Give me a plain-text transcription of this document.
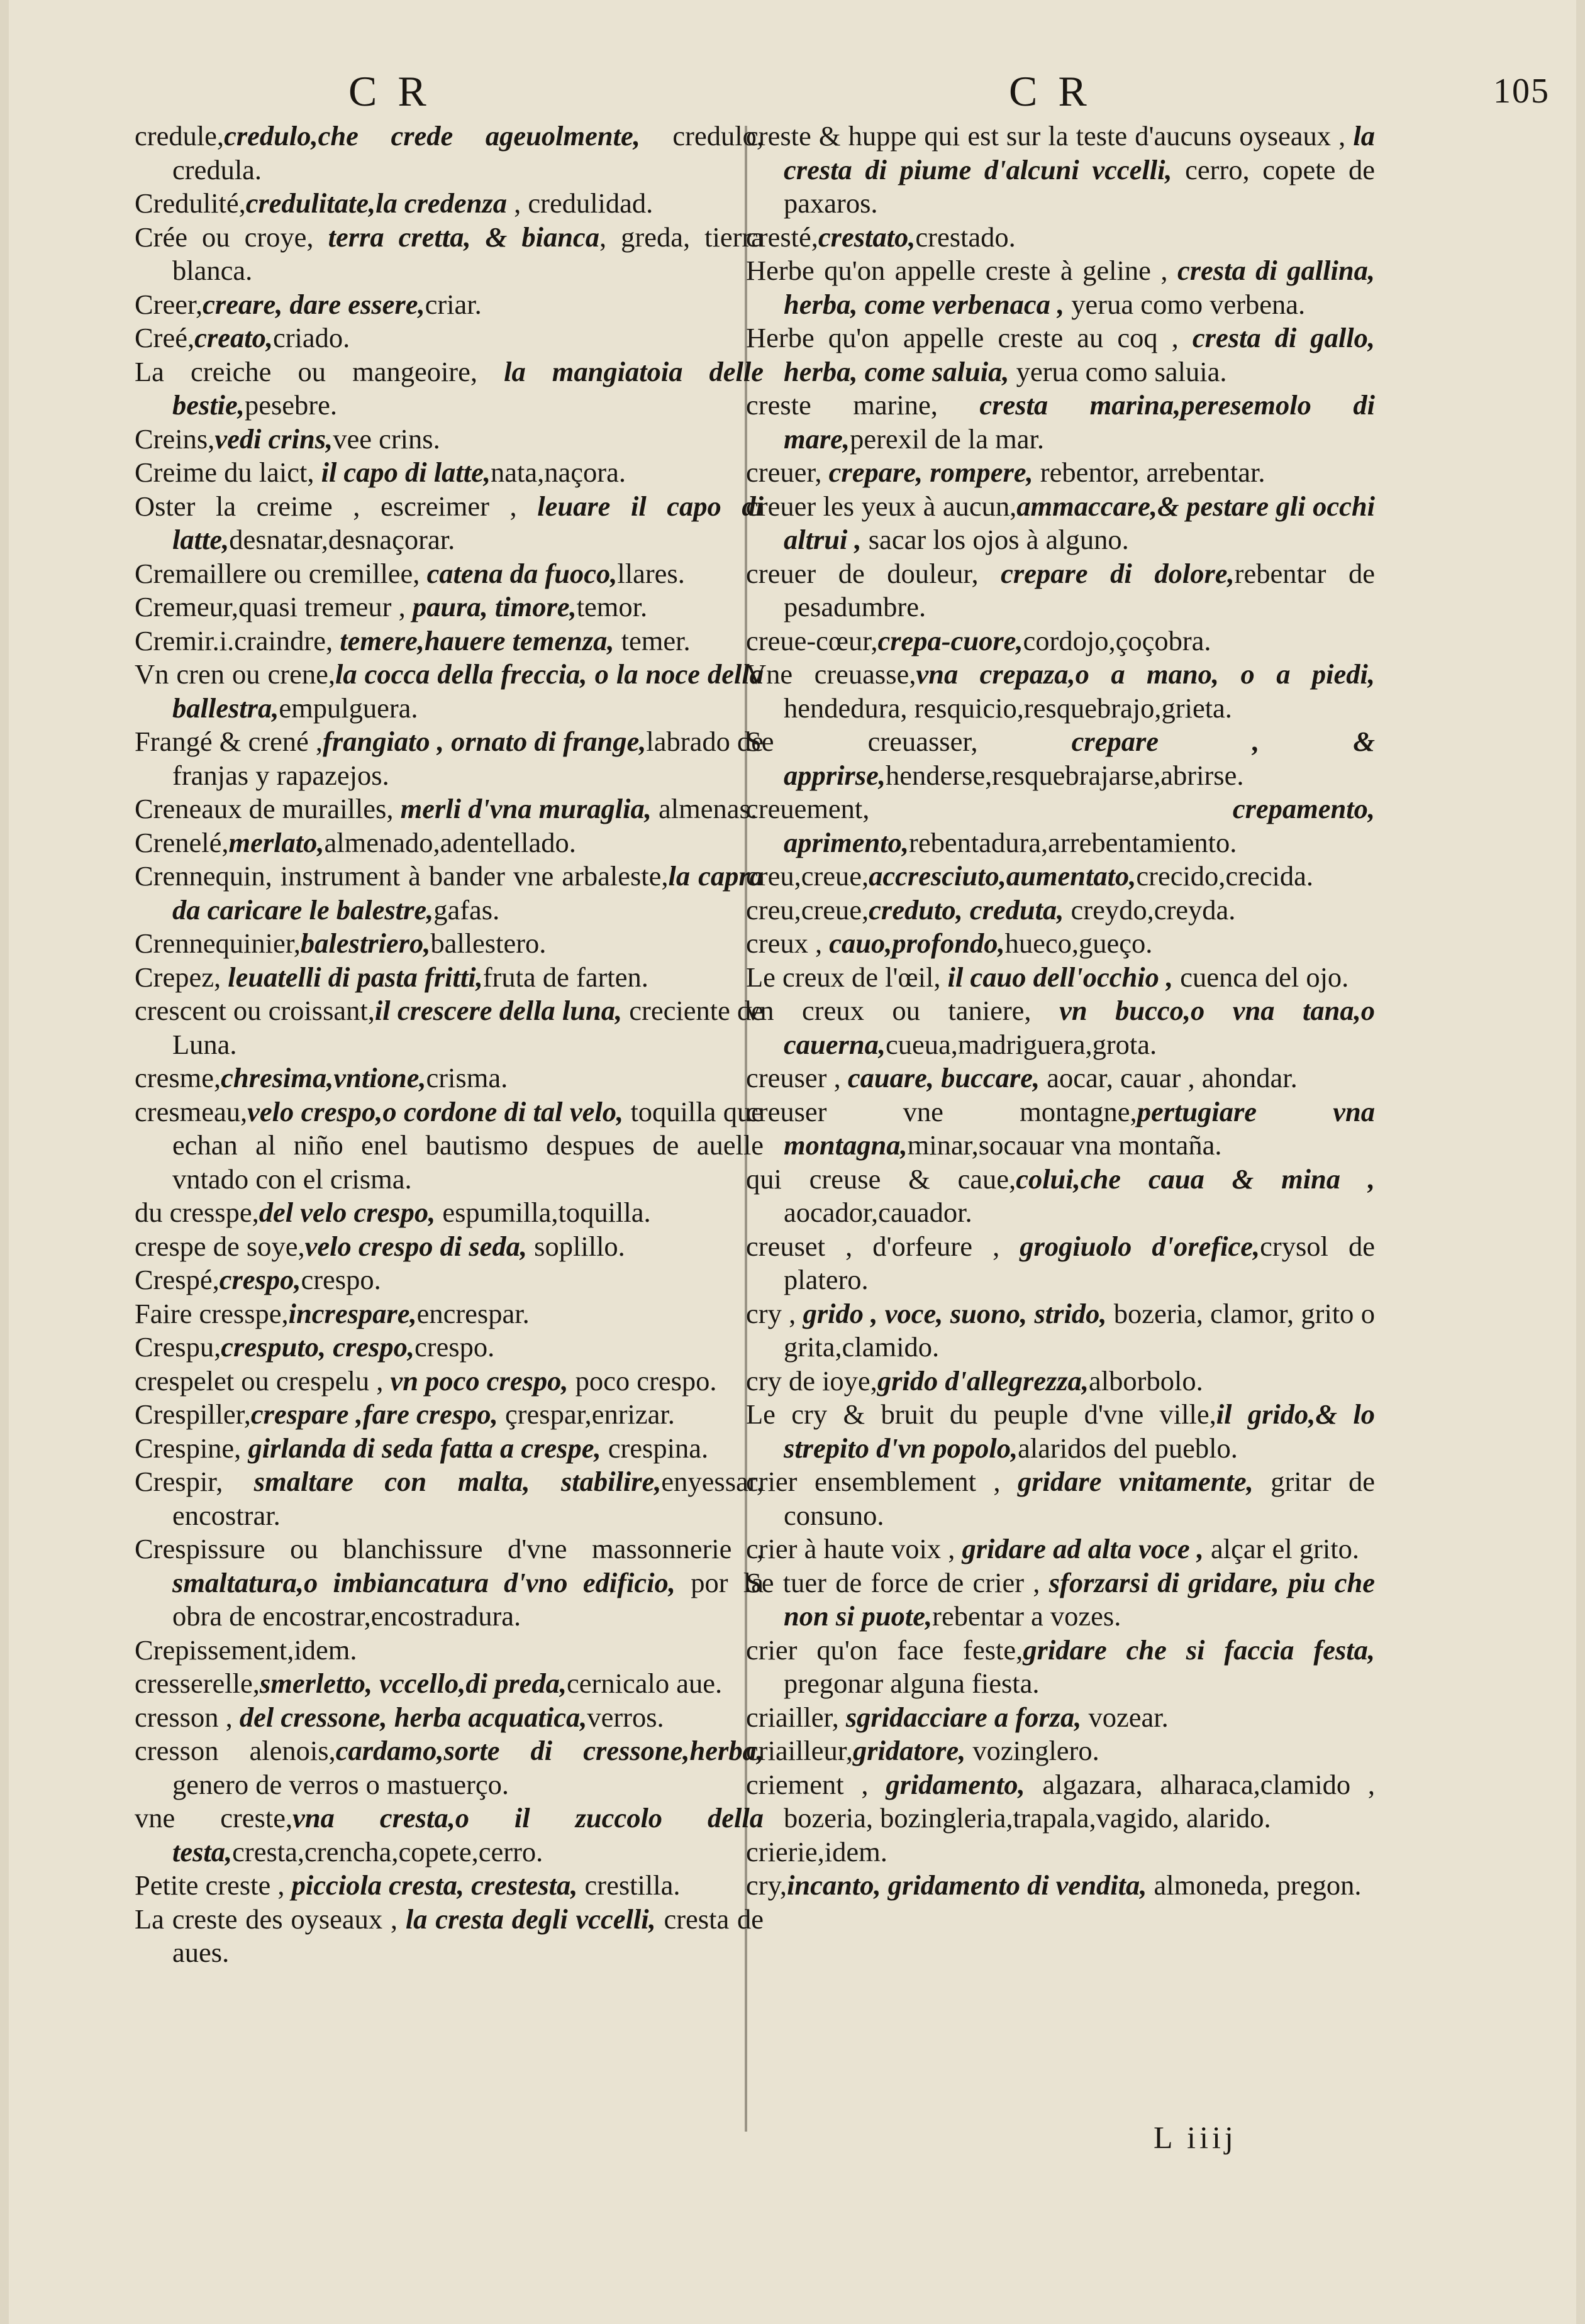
C R	C R	105
credule,credulo,che crede ageuolmente, credulo, credula.
Credulité,credulitate,la credenza , credulidad.
Crée ou croye, terra cretta, & bianca, greda, tierra blanca.
Creer,creare, dare essere,criar.
Creé,creato,criado.
La creiche ou mangeoire, la mangiatoia delle bestie,pesebre.
Creins,vedi crins,vee crins.
Creime du laict, il capo di latte,nata,naçora.
Oster la creime , escreimer , leuare il capo di latte,desnatar,desnaçorar.
Cremaillere ou cremillee, catena da fuoco,llares.
Cremeur,quasi tremeur , paura, timore,temor.
Cremir.i.craindre, temere,hauere temenza, temer.
Vn cren ou crene,la cocca della freccia, o la noce della ballestra,empulguera.
Frangé & crené ,frangiato , ornato di frange,labrado de franjas y rapazejos.
Creneaux de murailles, merli d'vna muraglia, almenas.
Crenelé,merlato,almenado,adentellado.
Crennequin, instrument à bander vne arbaleste,la capra da caricare le balestre,gafas.
Crennequinier,balestriero,ballestero.
Crepez, leuatelli di pasta fritti,fruta de farten.
crescent ou croissant,il crescere della luna, creciente de Luna.
cresme,chresima,vntione,crisma.
cresmeau,velo crespo,o cordone di tal velo, toquilla que echan al niño enel bautismo despues de auelle vntado con el crisma.
du cresspe,del velo crespo, espumilla,toquilla.
crespe de soye,velo crespo di seda, soplillo.
Crespé,crespo,crespo.
Faire cresspe,increspare,encrespar.
Crespu,cresputo, crespo,crespo.
crespelet ou crespelu , vn poco crespo, poco crespo.
Crespiller,crespare ,fare crespo, çrespar,enrizar.
Crespine, girlanda di seda fatta a crespe, crespina.
Crespir, smaltare con malta, stabilire,enyessar, encostrar.
Crespissure ou blanchissure d'vne massonnerie , smaltatura,o imbiancatura d'vno edificio, por la obra de encostrar,encostradura.
Crepissement,idem.
cresserelle,smerletto, vccello,di preda,cernicalo aue.
cresson , del cressone, herba acquatica,verros.
cresson alenois,cardamo,sorte di cressone,herba, genero de verros o mastuerço.
vne creste,vna cresta,o il zuccolo della testa,cresta,crencha,copete,cerro.
Petite creste , picciola cresta, crestesta, crestilla.
La creste des oyseaux , la cresta degli vccelli, cresta de aues.
creste & huppe qui est sur la teste d'aucuns oyseaux , la cresta di piume d'alcuni vccelli, cerro, copete de paxaros.
cresté,crestato,crestado.
Herbe qu'on appelle creste à geline , cresta di gallina, herba, come verbenaca , yerua como verbena.
Herbe qu'on appelle creste au coq , cresta di gallo, herba, come saluia, yerua como saluia.
creste marine, cresta marina,peresemolo di mare,perexil de la mar.
creuer, crepare, rompere, rebentor, arrebentar.
creuer les yeux à aucun,ammaccare,& pestare gli occhi altrui , sacar los ojos à alguno.
creuer de douleur, crepare di dolore,rebentar de pesadumbre.
creue-cœur,crepa-cuore,cordojo,çoçobra.
Vne creuasse,vna crepaza,o a mano, o a piedi, hendedura, resquicio,resquebrajo,grieta.
Se creuasser, crepare , & apprirse,henderse,resquebrajarse,abrirse.
creuement, crepamento, aprimento,rebentadura,arrebentamiento.
creu,creue,accresciuto,aumentato,crecido,crecida.
creu,creue,creduto, creduta, creydo,creyda.
creux , cauo,profondo,hueco,gueço.
Le creux de l'œil, il cauo dell'occhio , cuenca del ojo.
vn creux ou taniere, vn bucco,o vna tana,o cauerna,cueua,madriguera,grota.
creuser , cauare, buccare, aocar, cauar , ahondar.
creuser vne montagne,pertugiare vna montagna,minar,socauar vna montaña.
qui creuse & caue,colui,che caua & mina , aocador,cauador.
creuset , d'orfeure , grogiuolo d'orefice,crysol de platero.
cry , grido , voce, suono, strido, bozeria, clamor, grito o grita,clamido.
cry de ioye,grido d'allegrezza,alborbolo.
Le cry & bruit du peuple d'vne ville,il grido,& lo strepito d'vn popolo,alaridos del pueblo.
crier ensemblement , gridare vnitamente, gritar de consuno.
crier à haute voix , gridare ad alta voce , alçar el grito.
Se tuer de force de crier , sforzarsi di gridare, piu che non si puote,rebentar a vozes.
crier qu'on face feste,gridare che si faccia festa, pregonar alguna fiesta.
criailler, sgridacciare a forza, vozear.
criailleur,gridatore, vozinglero.
criement , gridamento, algazara, alharaca,clamido , bozeria, bozingleria,trapala,vagido, alarido.
crierie,idem.
cry,incanto, gridamento di vendita, almoneda, pregon.
L iiij
